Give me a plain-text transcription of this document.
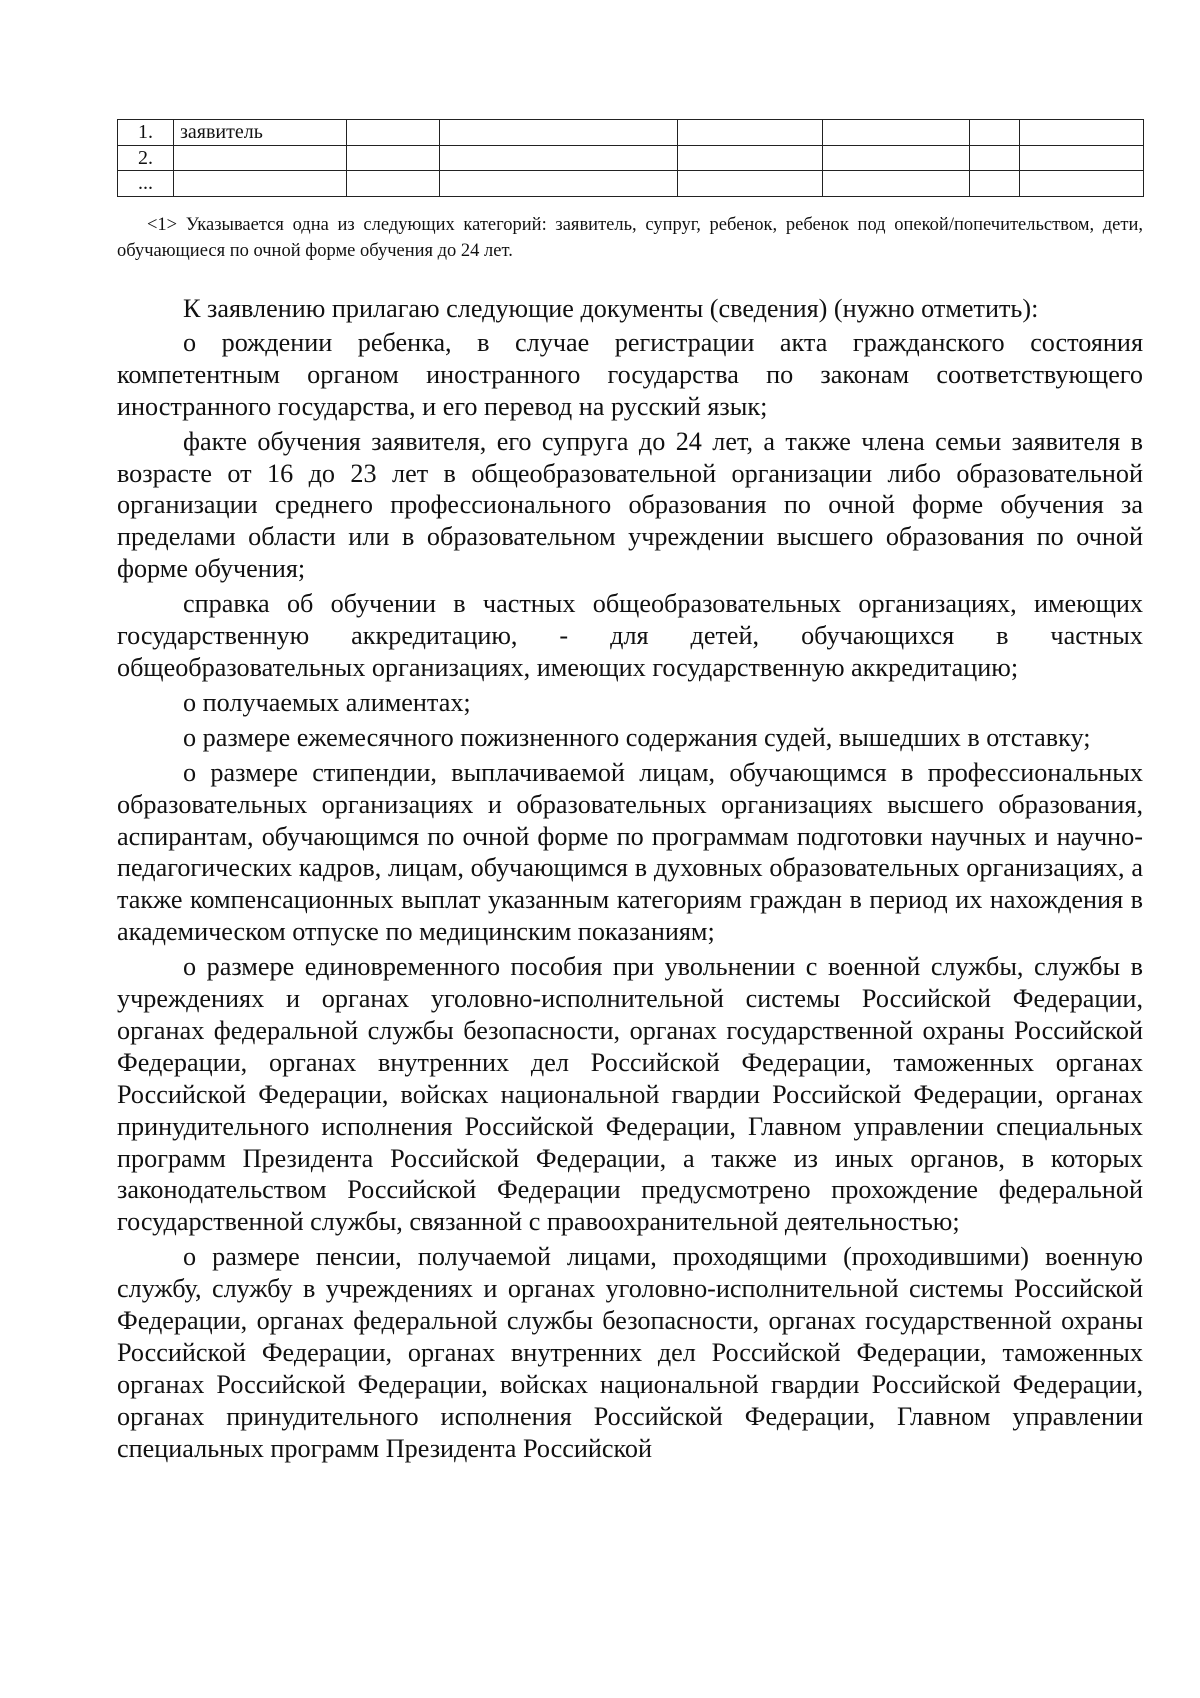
1.	заявитель						
2.							
...							
<1> Указывается одна из следующих категорий: заявитель, супруг, ребенок, ребенок под опекой/попечительством, дети, обучающиеся по очной форме обучения до 24 лет.

К заявлению прилагаю следующие документы (сведения) (нужно отметить):

о рождении ребенка, в случае регистрации акта гражданского состояния компетентным органом иностранного государства по законам соответствующего иностранного государства, и его перевод на русский язык;

факте обучения заявителя, его супруга до 24 лет, а также члена семьи заявителя в возрасте от 16 до 23 лет в общеобразовательной организации либо образовательной организации среднего профессионального образования по очной форме обучения за пределами области или в образовательном учреждении высшего образования по очной форме обучения;

справка об обучении в частных общеобразовательных организациях, имеющих государственную аккредитацию, - для детей, обучающихся в частных общеобразовательных организациях, имеющих государственную аккредитацию;

о получаемых алиментах;

о размере ежемесячного пожизненного содержания судей, вышедших в отставку;

о размере стипендии, выплачиваемой лицам, обучающимся в профессиональных образовательных организациях и образовательных организациях высшего образования, аспирантам, обучающимся по очной форме по программам подготовки научных и научно-педагогических кадров, лицам, обучающимся в духовных образовательных организациях, а также компенсационных выплат указанным категориям граждан в период их нахождения в академическом отпуске по медицинским показаниям;

о размере единовременного пособия при увольнении с военной службы, службы в учреждениях и органах уголовно-исполнительной системы Российской Федерации, органах федеральной службы безопасности, органах государственной охраны Российской Федерации, органах внутренних дел Российской Федерации, таможенных органах Российской Федерации, войсках национальной гвардии Российской Федерации, органах принудительного исполнения Российской Федерации, Главном управлении специальных программ Президента Российской Федерации, а также из иных органов, в которых законодательством Российской Федерации предусмотрено прохождение федеральной государственной службы, связанной с правоохранительной деятельностью;

о размере пенсии, получаемой лицами, проходящими (проходившими) военную службу, службу в учреждениях и органах уголовно-исполнительной системы Российской Федерации, органах федеральной службы безопасности, органах государственной охраны Российской Федерации, органах внутренних дел Российской Федерации, таможенных органах Российской Федерации, войсках национальной гвардии Российской Федерации, органах принудительного исполнения Российской Федерации, Главном управлении специальных программ Президента Российской
